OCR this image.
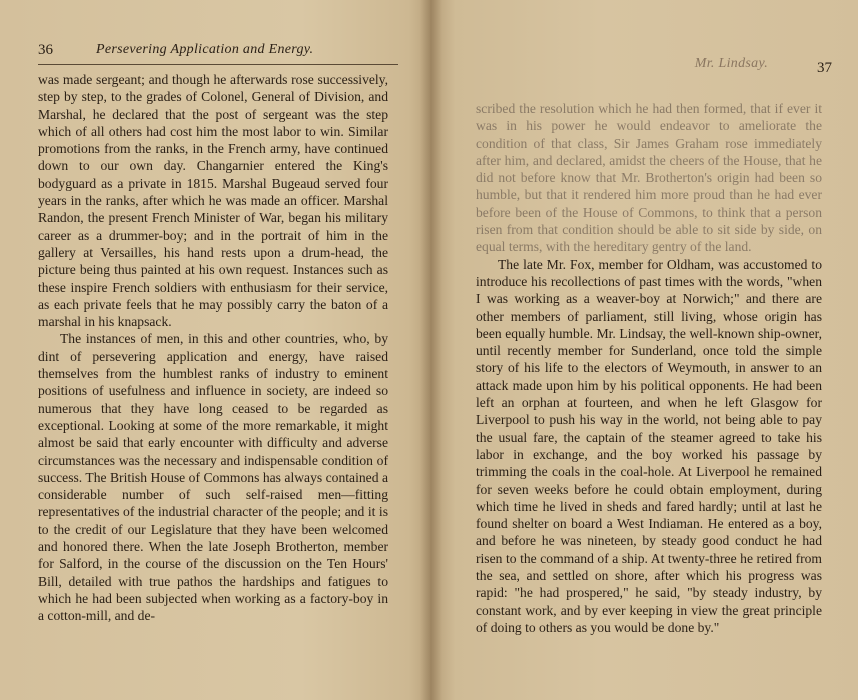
36	Persevering Application and Energy.

was made sergeant; and though he afterwards rose successively, step by step, to the grades of Colonel, General of Division, and Marshal, he declared that the post of sergeant was the step which of all others had cost him the most labor to win. Similar promotions from the ranks, in the French army, have continued down to our own day. Changarnier entered the King's bodyguard as a private in 1815. Marshal Bugeaud served four years in the ranks, after which he was made an officer. Marshal Randon, the present French Minister of War, began his military career as a drummer-boy; and in the portrait of him in the gallery at Versailles, his hand rests upon a drum-head, the picture being thus painted at his own request. Instances such as these inspire French soldiers with enthusiasm for their service, as each private feels that he may possibly carry the baton of a marshal in his knapsack.

The instances of men, in this and other countries, who, by dint of persevering application and energy, have raised themselves from the humblest ranks of industry to eminent positions of usefulness and influence in society, are indeed so numerous that they have long ceased to be regarded as exceptional. Looking at some of the more remarkable, it might almost be said that early encounter with difficulty and adverse circumstances was the necessary and indispensable condition of success. The British House of Commons has always contained a considerable number of such self-raised men—fitting representatives of the industrial character of the people; and it is to the credit of our Legislature that they have been welcomed and honored there. When the late Joseph Brotherton, member for Salford, in the course of the discussion on the Ten Hours' Bill, detailed with true pathos the hardships and fatigues to which he had been subjected when working as a factory-boy in a cotton-mill, and de-

Mr. Lindsay.	37

scribed the resolution which he had then formed, that if ever it was in his power he would endeavor to ameliorate the condition of that class, Sir James Graham rose immediately after him, and declared, amidst the cheers of the House, that he did not before know that Mr. Brotherton's origin had been so humble, but that it rendered him more proud than he had ever before been of the House of Commons, to think that a person risen from that condition should be able to sit side by side, on equal terms, with the hereditary gentry of the land.

The late Mr. Fox, member for Oldham, was accustomed to introduce his recollections of past times with the words, "when I was working as a weaver-boy at Norwich;" and there are other members of parliament, still living, whose origin has been equally humble. Mr. Lindsay, the well-known ship-owner, until recently member for Sunderland, once told the simple story of his life to the electors of Weymouth, in answer to an attack made upon him by his political opponents. He had been left an orphan at fourteen, and when he left Glasgow for Liverpool to push his way in the world, not being able to pay the usual fare, the captain of the steamer agreed to take his labor in exchange, and the boy worked his passage by trimming the coals in the coal-hole. At Liverpool he remained for seven weeks before he could obtain employment, during which time he lived in sheds and fared hardly; until at last he found shelter on board a West Indiaman. He entered as a boy, and before he was nineteen, by steady good conduct he had risen to the command of a ship. At twenty-three he retired from the sea, and settled on shore, after which his progress was rapid: "he had prospered," he said, "by steady industry, by constant work, and by ever keeping in view the great principle of doing to others as you would be done by."
